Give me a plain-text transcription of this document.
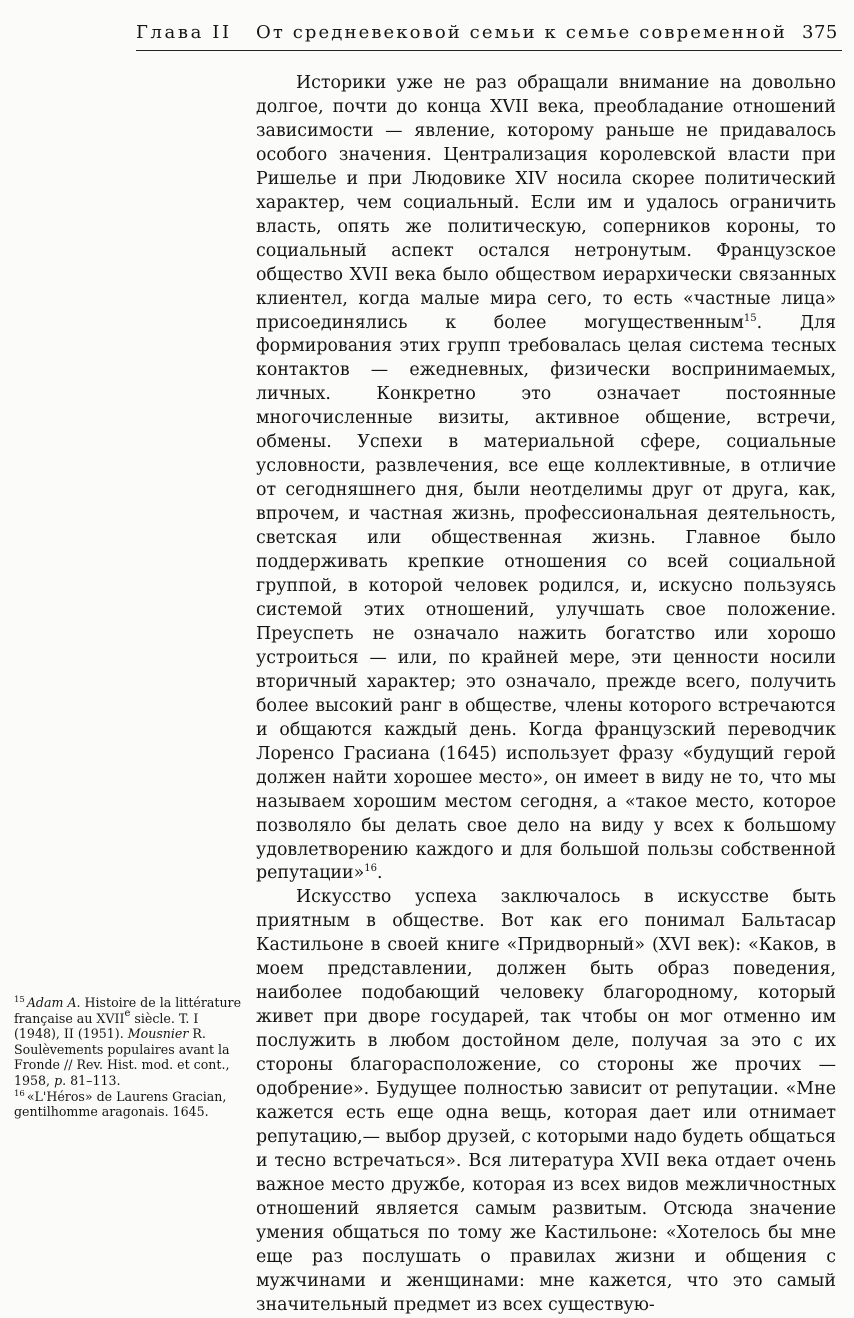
Глава II От средневековой семьи к семье современной 375

Историки уже не раз обращали внимание на довольно долгое, почти до конца XVII века, преобладание отношений зависимости — явление, которому раньше не придавалось особого значения. Централизация королевской власти при Ришелье и при Людовике XIV носила скорее политический характер, чем социальный. Если им и удалось ограничить власть, опять же политическую, соперников короны, то социальный аспект остался нетронутым. Французское общество XVII века было обществом иерархически связанных клиентел, когда малые мира сего, то есть «частные лица» присоединялись к более могущественным$^{15}$. Для формирования этих групп требовалась целая система тесных контактов — ежедневных, физически воспринимаемых, личных. Конкретно это означает постоянные многочисленные визиты, активное общение, встречи, обмены. Успехи в материальной сфере, социальные условности, развлечения, все еще коллективные, в отличие от сегодняшнего дня, были неотделимы друг от друга, как, впрочем, и частная жизнь, профессиональная деятельность, светская или общественная жизнь. Главное было поддерживать крепкие отношения со всей социальной группой, в которой человек родился, и, искусно пользуясь системой этих отношений, улучшать свое положение. Преуспеть не означало нажить богатство или хорошо устроиться — или, по крайней мере, эти ценности носили вторичный характер; это означало, прежде всего, получить более высокий ранг в обществе, члены которого встречаются и общаются каждый день. Когда французский переводчик Лоренсо Грасиана (1645) использует фразу «будущий герой должен найти хорошее место», он имеет в виду не то, что мы называем хорошим местом сегодня, а «такое место, которое позволяло бы делать свое дело на виду у всех к большому удовлетворению каждого и для большой пользы собственной репутации»$^{16}$.

Искусство успеха заключалось в искусстве быть приятным в обществе. Вот как его понимал Бальтасар Кастильоне в своей книге «Придворный» (XVI век): «Каков, в моем представлении, должен быть образ поведения, наиболее подобающий человеку благородному, который живет при дворе государей, так чтобы он мог отменно им послужить в любом достойном деле, получая за это с их стороны благорасположение, со стороны же прочих — одобрение». Будущее полностью зависит от репутации. «Мне кажется есть еще одна вещь, которая дает или отнимает репутацию,— выбор друзей, с которыми надо будеть общаться и тесно встречаться». Вся литература XVII века отдает очень важное место дружбе, которая из всех видов межличностных отношений является самым развитым. Отсюда значение умения общаться по тому же Кастильоне: «Хотелось бы мне еще раз послушать о правилах жизни и общения с мужчинами и женщинами: мне кажется, что это самый значительный предмет из всех существую-

$^{15}$ Adam A. Histoire de la littérature française au XVIIe siècle. T. I (1948), II (1951). Mousnier R. Soulèvements populaires avant la Fronde // Rev. Hist. mod. et cont., 1958, p. 81–113.

$^{16}$ «L'Héros» de Laurens Gracian, gentilhomme aragonais. 1645.
